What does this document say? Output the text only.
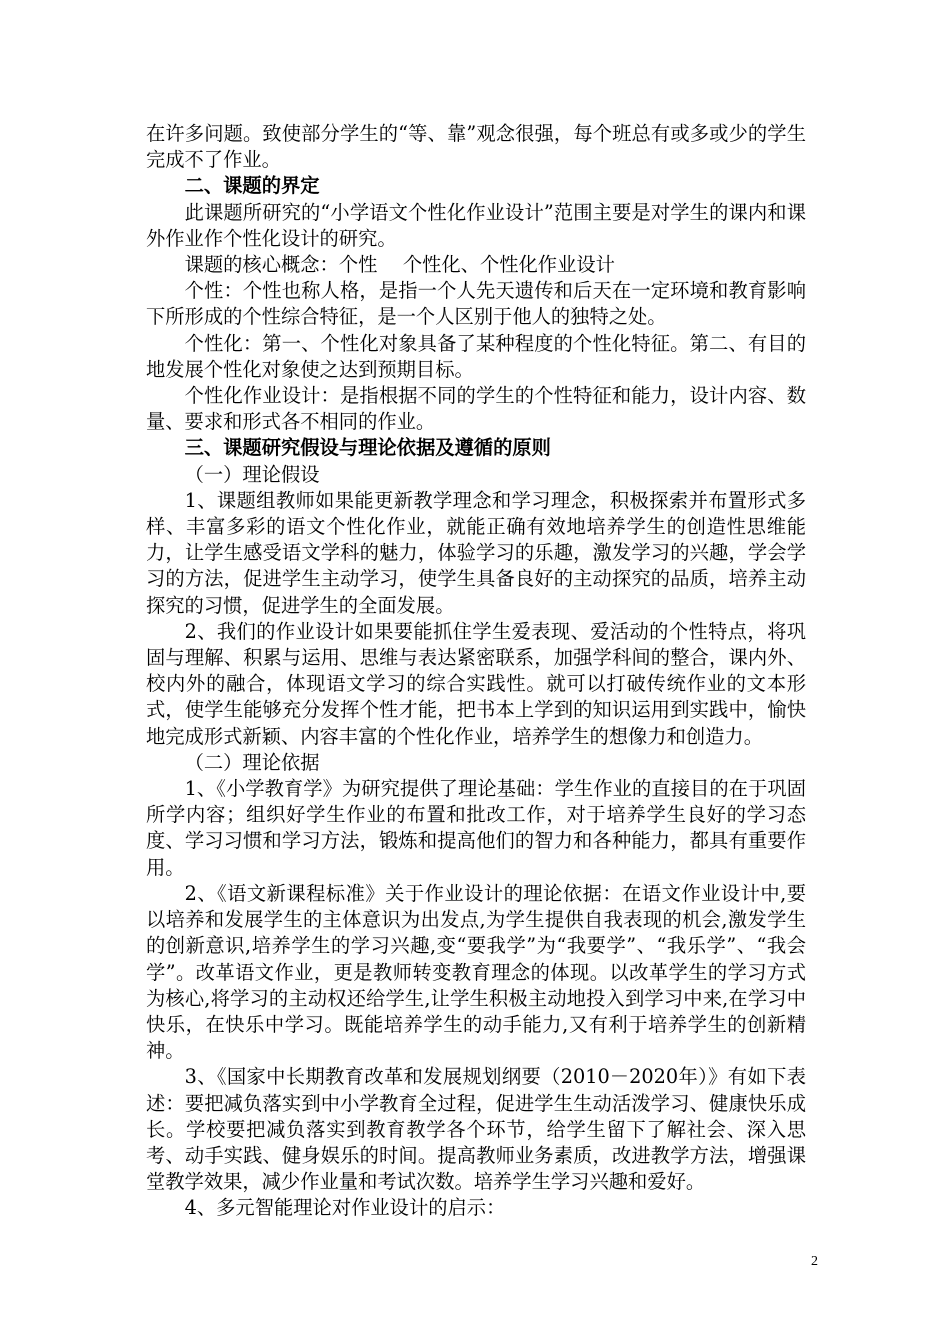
在许多问题。致使部分学生的“等、靠”观念很强，每个班总有或多或少的学生完成不了作业。

二、课题的界定

此课题所研究的“小学语文个性化作业设计”范围主要是对学生的课内和课外作业作个性化设计的研究。

课题的核心概念：个性　 个性化、个性化作业设计

个性：个性也称人格，是指一个人先天遗传和后天在一定环境和教育影响下所形成的个性综合特征，是一个人区别于他人的独特之处。

个性化：第一、个性化对象具备了某种程度的个性化特征。第二、有目的地发展个性化对象使之达到预期目标。

个性化作业设计：是指根据不同的学生的个性特征和能力，设计内容、数量、要求和形式各不相同的作业。

三、课题研究假设与理论依据及遵循的原则

（一）理论假设

1、课题组教师如果能更新教学理念和学习理念，积极探索并布置形式多样、丰富多彩的语文个性化作业，就能正确有效地培养学生的创造性思维能力，让学生感受语文学科的魅力，体验学习的乐趣，激发学习的兴趣，学会学习的方法，促进学生主动学习，使学生具备良好的主动探究的品质，培养主动探究的习惯，促进学生的全面发展。

2、我们的作业设计如果要能抓住学生爱表现、爱活动的个性特点，将巩固与理解、积累与运用、思维与表达紧密联系，加强学科间的整合，课内外、校内外的融合，体现语文学习的综合实践性。就可以打破传统作业的文本形式，使学生能够充分发挥个性才能，把书本上学到的知识运用到实践中，愉快地完成形式新颖、内容丰富的个性化作业，培养学生的想像力和创造力。

（二）理论依据

1、《小学教育学》为研究提供了理论基础：学生作业的直接目的在于巩固所学内容；组织好学生作业的布置和批改工作，对于培养学生良好的学习态度、学习习惯和学习方法，锻炼和提高他们的智力和各种能力，都具有重要作用。

2、《语文新课程标准》关于作业设计的理论依据：在语文作业设计中,要以培养和发展学生的主体意识为出发点,为学生提供自我表现的机会,激发学生的创新意识,培养学生的学习兴趣,变“要我学”为“我要学”、“我乐学”、“我会学”。改革语文作业，更是教师转变教育理念的体现。以改革学生的学习方式为核心,将学习的主动权还给学生,让学生积极主动地投入到学习中来,在学习中快乐，在快乐中学习。既能培养学生的动手能力,又有利于培养学生的创新精神。

3、《国家中长期教育改革和发展规划纲要（2010－2020年）》有如下表述：要把减负落实到中小学教育全过程，促进学生生动活泼学习、健康快乐成长。学校要把减负落实到教育教学各个环节，给学生留下了解社会、深入思考、动手实践、健身娱乐的时间。提高教师业务素质，改进教学方法，增强课堂教学效果，减少作业量和考试次数。培养学生学习兴趣和爱好。

4、多元智能理论对作业设计的启示：

2
